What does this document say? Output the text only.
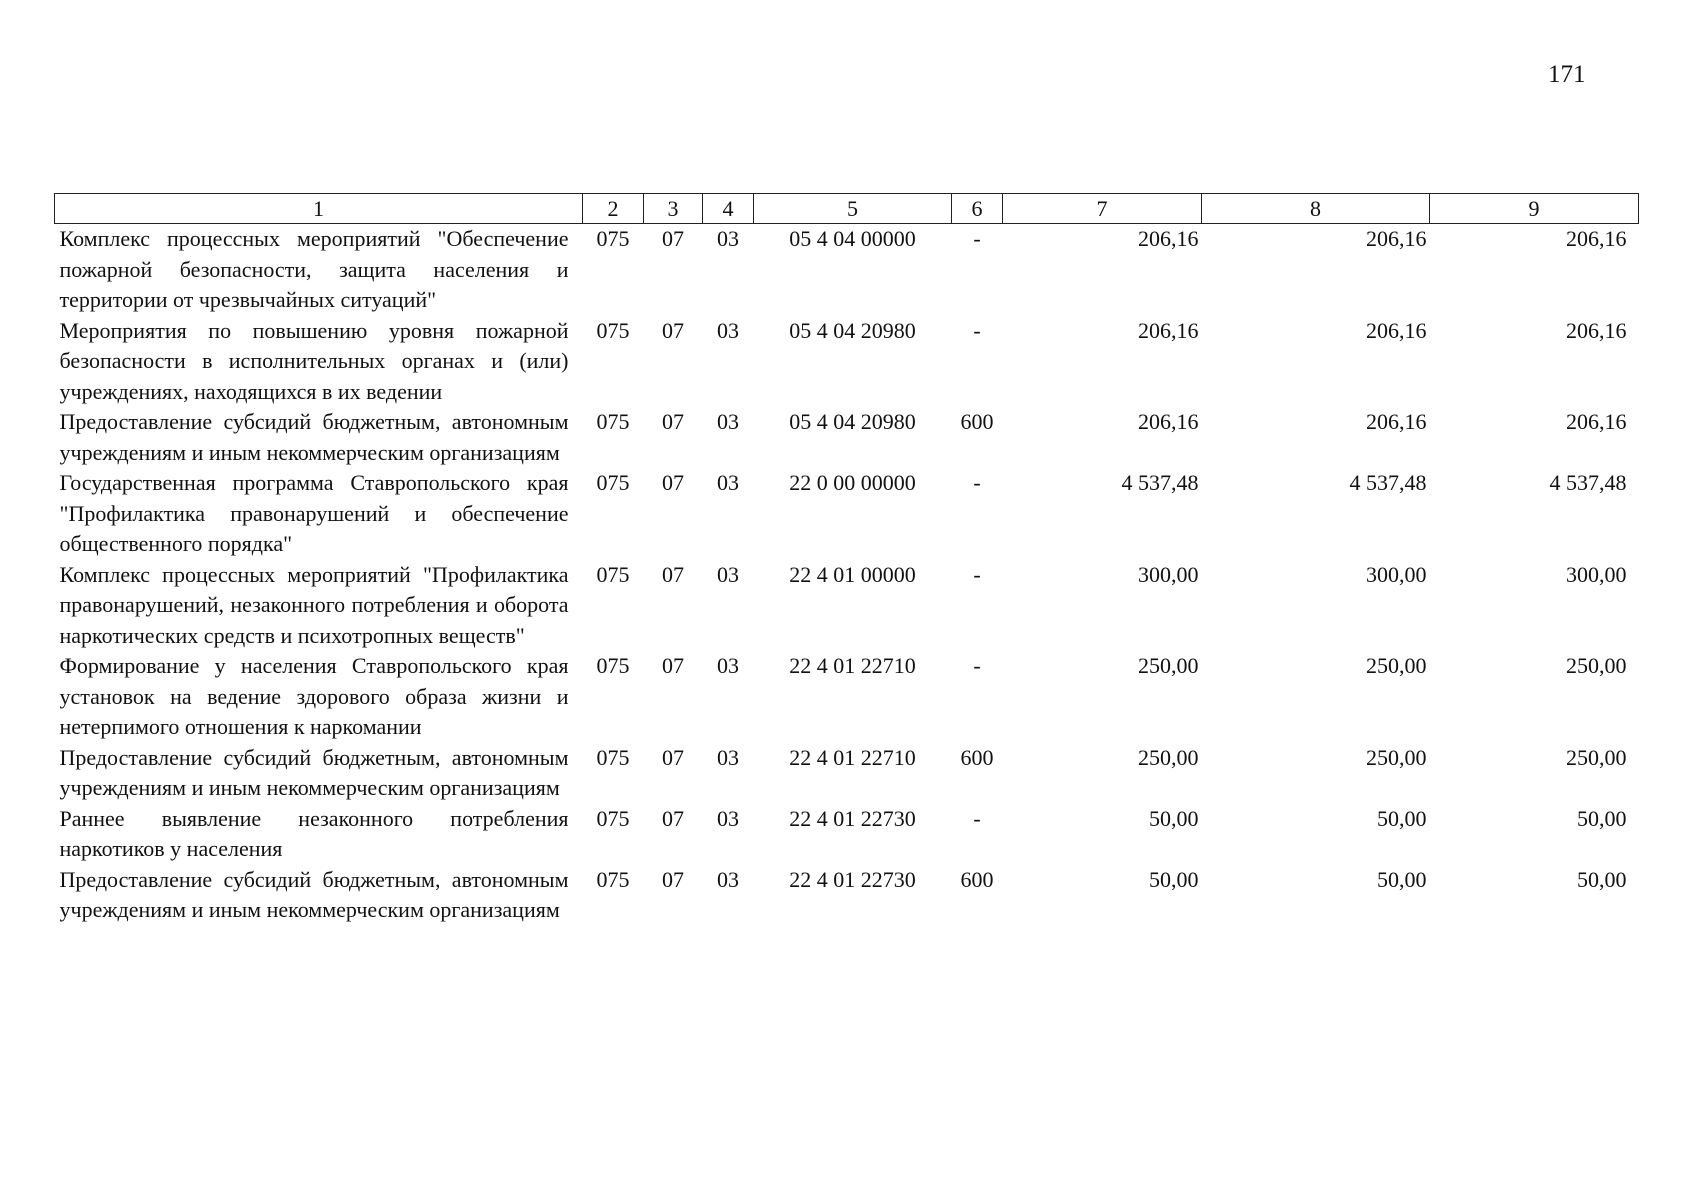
171
1	2	3	4	5	6	7	8	9
Комплекс процессных мероприятий "Обеспечение пожарной безопасности, защита населения и территории от чрезвычайных ситуаций"	075	07	03	05 4 04 00000	-	206,16	206,16	206,16
Мероприятия по повышению уровня пожарной безопасности в исполнительных органах и (или) учреждениях, находящихся в их ведении	075	07	03	05 4 04 20980	-	206,16	206,16	206,16
Предоставление субсидий бюджетным, автономным учреждениям и иным некоммерческим организациям	075	07	03	05 4 04 20980	600	206,16	206,16	206,16
Государственная программа Ставропольского края "Профилактика правонарушений и обеспечение общественного порядка"	075	07	03	22 0 00 00000	-	4 537,48	4 537,48	4 537,48
Комплекс процессных мероприятий "Профилактика правонарушений, незаконного потребления и оборота наркотических средств и психотропных веществ"	075	07	03	22 4 01 00000	-	300,00	300,00	300,00
Формирование у населения Ставропольского края установок на ведение здорового образа жизни и нетерпимого отношения к наркомании	075	07	03	22 4 01 22710	-	250,00	250,00	250,00
Предоставление субсидий бюджетным, автономным учреждениям и иным некоммерческим организациям	075	07	03	22 4 01 22710	600	250,00	250,00	250,00
Раннее выявление незаконного потребления наркотиков у населения	075	07	03	22 4 01 22730	-	50,00	50,00	50,00
Предоставление субсидий бюджетным, автономным учреждениям и иным некоммерческим организациям	075	07	03	22 4 01 22730	600	50,00	50,00	50,00
